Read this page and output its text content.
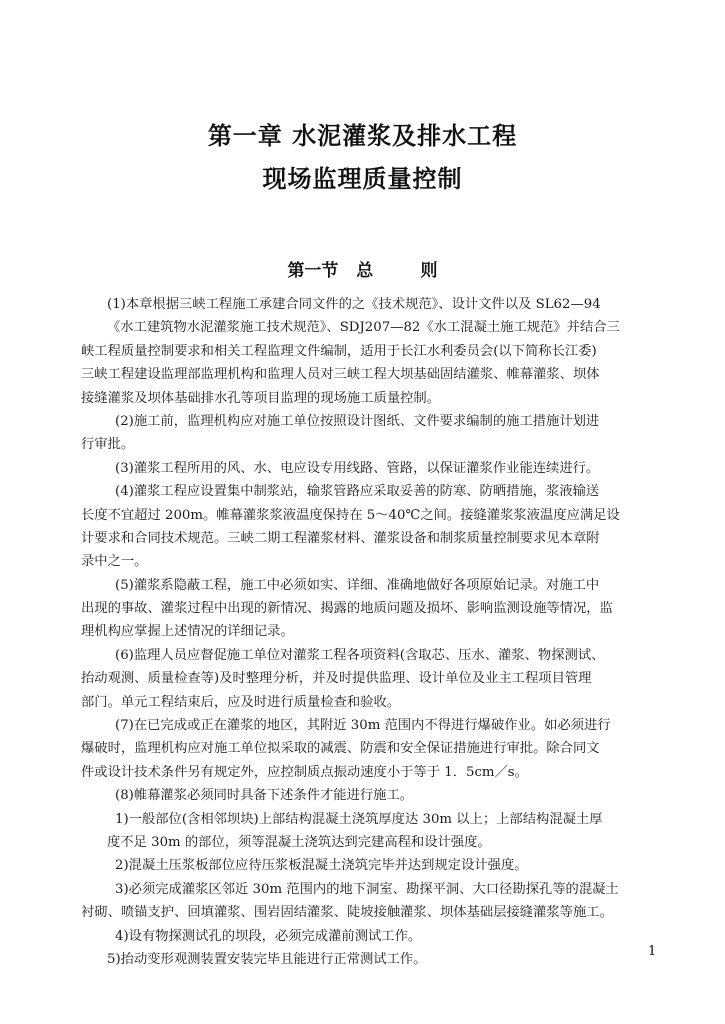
第一章 水泥灌浆及排水工程
现场监理质量控制
第一节   总        则
(1)本章根据三峡工程施工承建合同文件的之《技术规范》、设计文件以及 SL62—94
《水工建筑物水泥灌浆施工技术规范》、SDJ207—82《水工混凝土施工规范》并结合三
峡工程质量控制要求和相关工程监理文件编制，适用于长江水利委员会(以下简称长江委)
三峡工程建设监理部监理机构和监理人员对三峡工程大坝基础固结灌浆、帷幕灌浆、坝体
接缝灌浆及坝体基础排水孔等项目监理的现场施工质量控制。
(2)施工前，监理机构应对施工单位按照设计图纸、文件要求编制的施工措施计划进
行审批。
(3)灌浆工程所用的风、水、电应设专用线路、管路，以保证灌浆作业能连续进行。
(4)灌浆工程应设置集中制浆站，输浆管路应采取妥善的防寒、防晒措施，浆液输送
长度不宜超过 200m。帷幕灌浆浆液温度保持在 5～40℃之间。接缝灌浆浆液温度应满足设
计要求和合同技术规范。三峡二期工程灌浆材料、灌浆设备和制浆质量控制要求见本章附
录中之一。
(5)灌浆系隐蔽工程，施工中必须如实、详细、准确地做好各项原始记录。对施工中
出现的事故、灌浆过程中出现的新情况、揭露的地质问题及损坏、影响监测设施等情况，监
理机构应掌握上述情况的详细记录。
(6)监理人员应督促施工单位对灌浆工程各项资料(含取芯、压水、灌浆、物探测试、
抬动观测、质量检查等)及时整理分析，并及时提供监理、设计单位及业主工程项目管理
部门。单元工程结束后，应及时进行质量检查和验收。
(7)在已完成或正在灌浆的地区，其附近 30m 范围内不得进行爆破作业。如必须进行
爆破时，监理机构应对施工单位拟采取的减震、防震和安全保证措施进行审批。除合同文
件或设计技术条件另有规定外，应控制质点振动速度小于等于 1．5cm／s。
(8)帷幕灌浆必须同时具备下述条件才能进行施工。
1)一般部位(含相邻坝块)上部结构混凝土浇筑厚度达 30m 以上；上部结构混凝土厚
度不足 30m 的部位，须等混凝土浇筑达到完建高程和设计强度。
2)混凝土压浆板部位应待压浆板混凝土浇筑完毕并达到规定设计强度。
3)必须完成灌浆区邻近 30m 范围内的地下洞室、勘探平洞、大口径勘探孔等的混凝土
衬砌、喷锚支护、回填灌浆、围岩固结灌浆、陡坡接触灌浆、坝体基础层接缝灌浆等施工。
4)设有物探测试孔的坝段，必须完成灌前测试工作。
5)抬动变形观测装置安装完毕且能进行正常测试工作。
1
